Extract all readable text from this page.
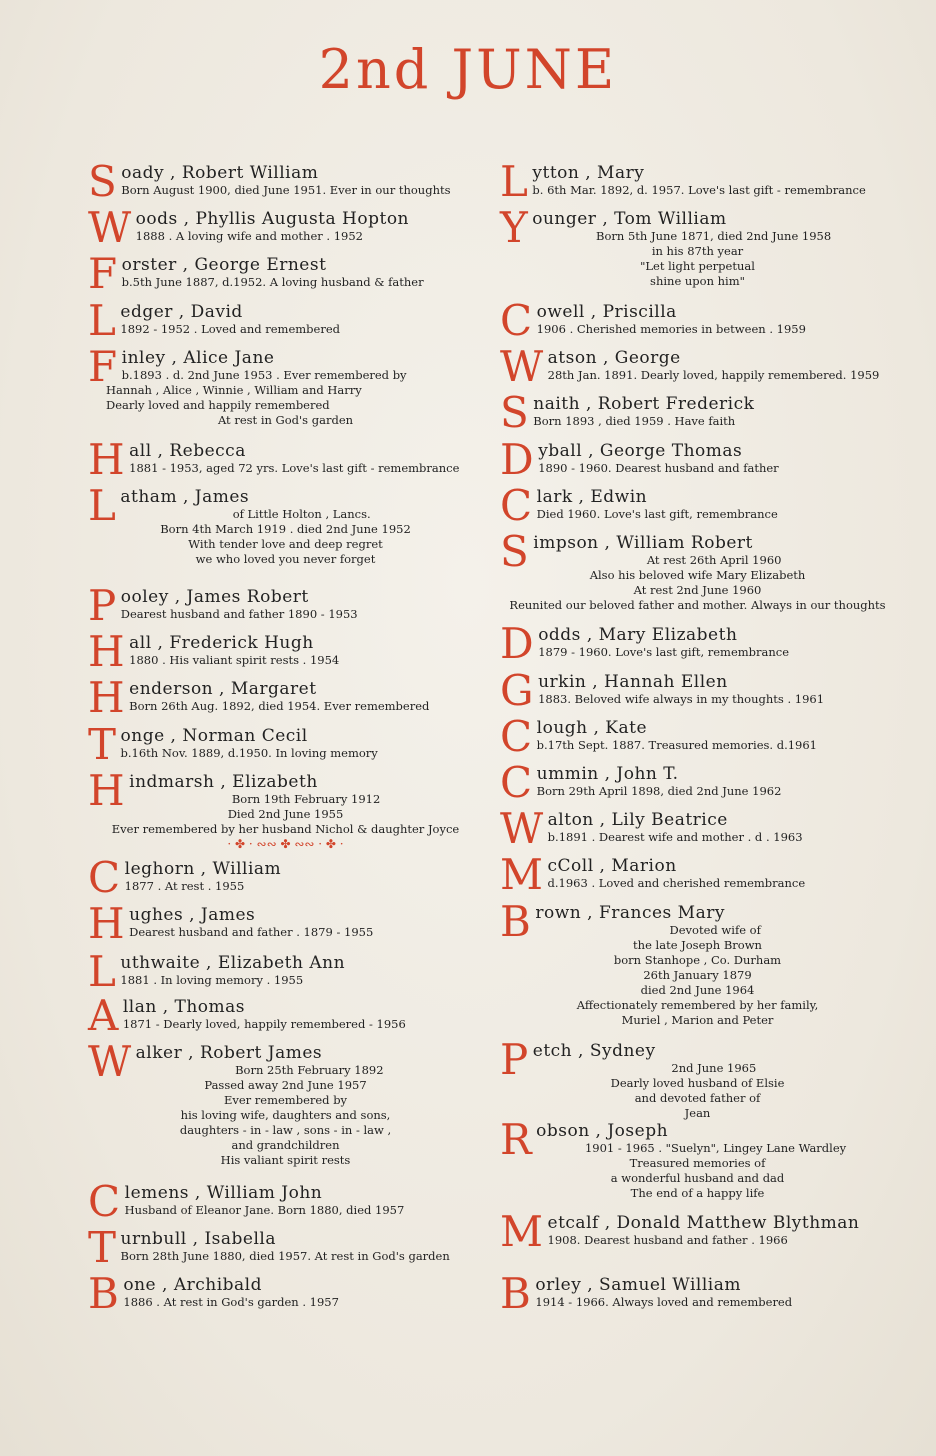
2nd JUNE
Soady , Robert William
Born August 1900, died June 1951. Ever in our thoughts
Woods , Phyllis Augusta Hopton
1888 . A loving wife and mother . 1952
Forster , George Ernest
b.5th June 1887, d.1952. A loving husband & father
Ledger , David
1892 - 1952 . Loved and remembered
Finley , Alice Jane
b.1893 . d. 2nd June 1953 . Ever remembered by
Hannah , Alice , Winnie , William and Harry
Dearly loved and happily remembered
At rest in God's garden
Hall , Rebecca
1881 - 1953, aged 72 yrs. Love's last gift - remembrance
Latham , James
of Little Holton , Lancs.
Born 4th March 1919 . died 2nd June 1952
With tender love and deep regret
we who loved you never forget
Pooley , James Robert
Dearest husband and father 1890 - 1953
Hall , Frederick Hugh
1880 . His valiant spirit rests . 1954
Henderson , Margaret
Born 26th Aug. 1892, died 1954. Ever remembered
Tonge , Norman Cecil
b.16th Nov. 1889, d.1950. In loving memory
Hindmarsh , Elizabeth
Born 19th February 1912
Died 2nd June 1955
Ever remembered by her husband Nichol & daughter Joyce
· ✤ · ∾∾ ✤ ∾∾ · ✤ ·
Cleghorn , William
1877 . At rest . 1955
Hughes , James
Dearest husband and father . 1879 - 1955
Luthwaite , Elizabeth Ann
1881 . In loving memory . 1955
Allan , Thomas
1871 - Dearly loved, happily remembered - 1956
Walker , Robert James
Born 25th February 1892
Passed away 2nd June 1957
Ever remembered by
his loving wife, daughters and sons,
daughters - in - law , sons - in - law ,
and grandchildren
His valiant spirit rests
Clemens , William John
Husband of Eleanor Jane. Born 1880, died 1957
Turnbull , Isabella
Born 28th June 1880, died 1957. At rest in God's garden
Bone , Archibald
1886 . At rest in God's garden . 1957
Lytton , Mary
b. 6th Mar. 1892, d. 1957. Love's last gift - remembrance
Younger , Tom William
Born 5th June 1871, died 2nd June 1958
in his 87th year
"Let light perpetual
shine upon him"
Cowell , Priscilla
1906 . Cherished memories in between . 1959
Watson , George
28th Jan. 1891. Dearly loved, happily remembered. 1959
Snaith , Robert Frederick
Born 1893 , died 1959 . Have faith
Dyball , George Thomas
1890 - 1960. Dearest husband and father
Clark , Edwin
Died 1960. Love's last gift, remembrance
Simpson , William Robert
At rest 26th April 1960
Also his beloved wife Mary Elizabeth
At rest 2nd June 1960
Reunited our beloved father and mother. Always in our thoughts
Dodds , Mary Elizabeth
1879 - 1960. Love's last gift, remembrance
Gurkin , Hannah Ellen
1883. Beloved wife always in my thoughts . 1961
Clough , Kate
b.17th Sept. 1887. Treasured memories. d.1961
Cummin , John T.
Born 29th April 1898, died 2nd June 1962
Walton , Lily Beatrice
b.1891 . Dearest wife and mother . d . 1963
McColl , Marion
d.1963 . Loved and cherished remembrance
Brown , Frances Mary
Devoted wife of
the late Joseph Brown
born Stanhope , Co. Durham
26th January 1879
died 2nd June 1964
Affectionately remembered by her family,
Muriel , Marion and Peter
Petch , Sydney
2nd June 1965
Dearly loved husband of Elsie
and devoted father of
Jean
Robson , Joseph
1901 - 1965 . "Suelyn", Lingey Lane Wardley
Treasured memories of
a wonderful husband and dad
The end of a happy life
Metcalf , Donald Matthew Blythman
1908. Dearest husband and father . 1966
Borley , Samuel William
1914 - 1966. Always loved and remembered
